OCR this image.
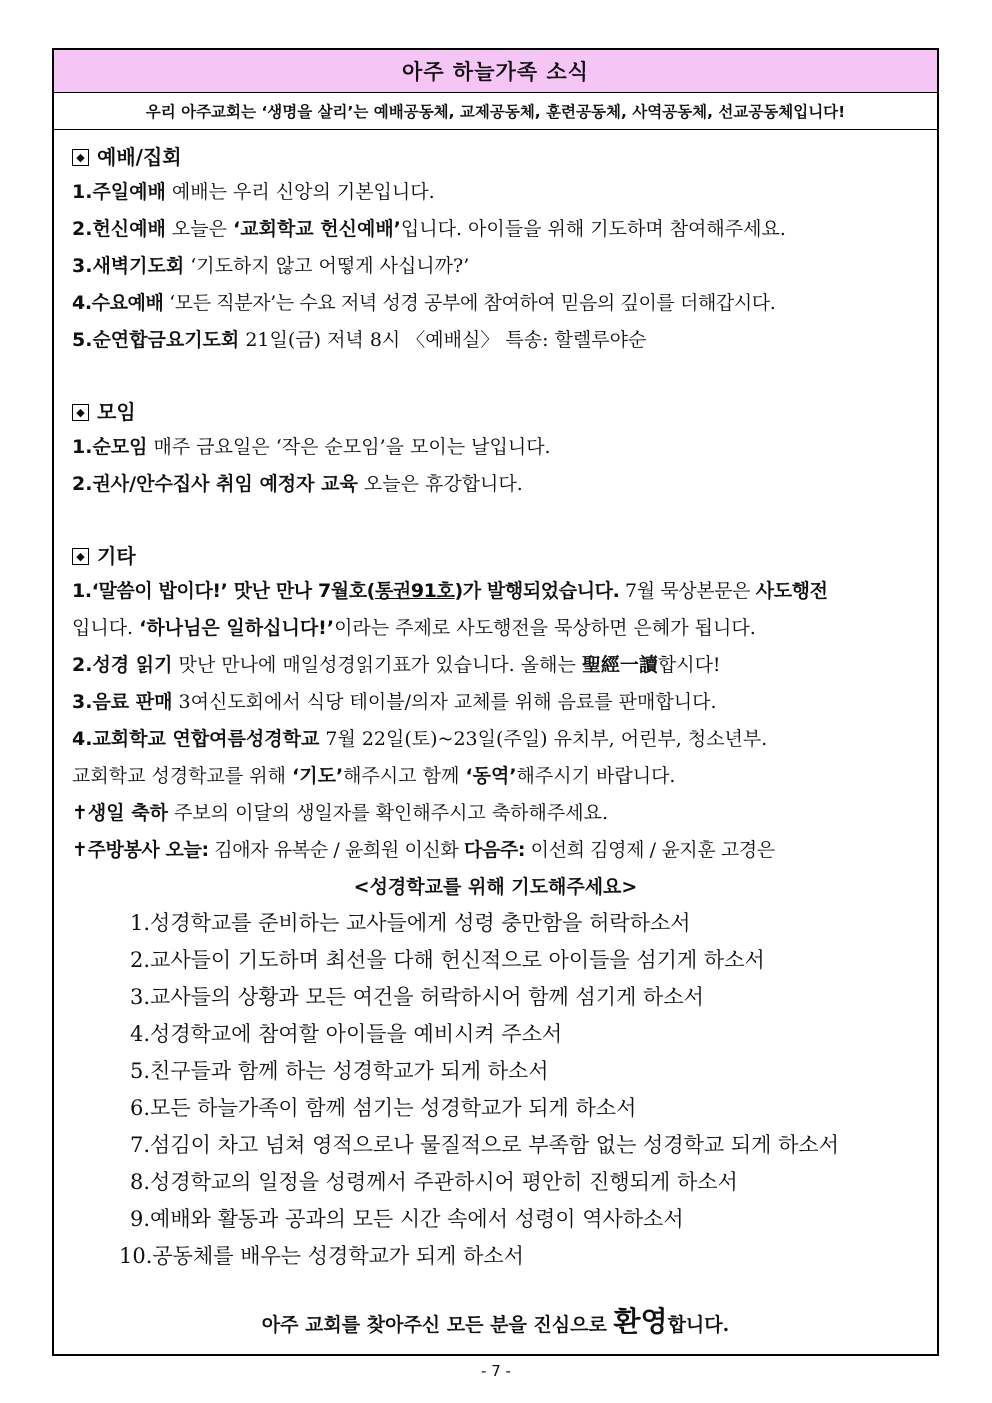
아주 하늘가족 소식
우리 아주교회는 ‘생명을 살리’는 예배공동체, 교제공동체, 훈련공동체, 사역공동체, 선교공동체입니다!
◆ 예배/집회
1.주일예배 예배는 우리 신앙의 기본입니다.
2.헌신예배 오늘은 ‘교회학교 헌신예배’입니다. 아이들을 위해 기도하며 참여해주세요.
3.새벽기도회 ‘기도하지 않고 어떻게 사십니까?’
4.수요예배 ‘모든 직분자’는 수요 저녁 성경 공부에 참여하여 믿음의 깊이를 더해갑시다.
5.순연합금요기도회 21일(금) 저녁 8시 〈예배실〉 특송: 할렐루야순
◆ 모임
1.순모임 매주 금요일은 ‘작은 순모임’을 모이는 날입니다.
2.권사/안수집사 취임 예정자 교육 오늘은 휴강합니다.
◆ 기타
1.‘말씀이 밥이다!’ 맛난 만나 7월호(통권91호)가 발행되었습니다. 7월 묵상본문은 사도행전
입니다. ‘하나님은 일하십니다!’이라는 주제로 사도행전을 묵상하면 은혜가 됩니다.
2.성경 읽기 맛난 만나에 매일성경읽기표가 있습니다. 올해는 聖經一讀합시다!
3.음료 판매 3여신도회에서 식당 테이블/의자 교체를 위해 음료를 판매합니다.
4.교회학교 연합여름성경학교 7월 22일(토)~23일(주일) 유치부, 어린부, 청소년부.
교회학교 성경학교를 위해 ‘기도’해주시고 함께 ‘동역’해주시기 바랍니다.
✝생일 축하 주보의 이달의 생일자를 확인해주시고 축하해주세요.
✝주방봉사 오늘: 김애자 유복순 / 윤희원 이신화 다음주: 이선희 김영제 / 윤지훈 고경은
<성경학교를 위해 기도해주세요>
1.성경학교를 준비하는 교사들에게 성령 충만함을 허락하소서
2.교사들이 기도하며 최선을 다해 헌신적으로 아이들을 섬기게 하소서
3.교사들의 상황과 모든 여건을 허락하시어 함께 섬기게 하소서
4.성경학교에 참여할 아이들을 예비시켜 주소서
5.친구들과 함께 하는 성경학교가 되게 하소서
6.모든 하늘가족이 함께 섬기는 성경학교가 되게 하소서
7.섬김이 차고 넘쳐 영적으로나 물질적으로 부족함 없는 성경학교 되게 하소서
8.성경학교의 일정을 성령께서 주관하시어 평안히 진행되게 하소서
9.예배와 활동과 공과의 모든 시간 속에서 성령이 역사하소서
10.공동체를 배우는 성경학교가 되게 하소서
아주 교회를 찾아주신 모든 분을 진심으로 환영합니다.
- 7 -
